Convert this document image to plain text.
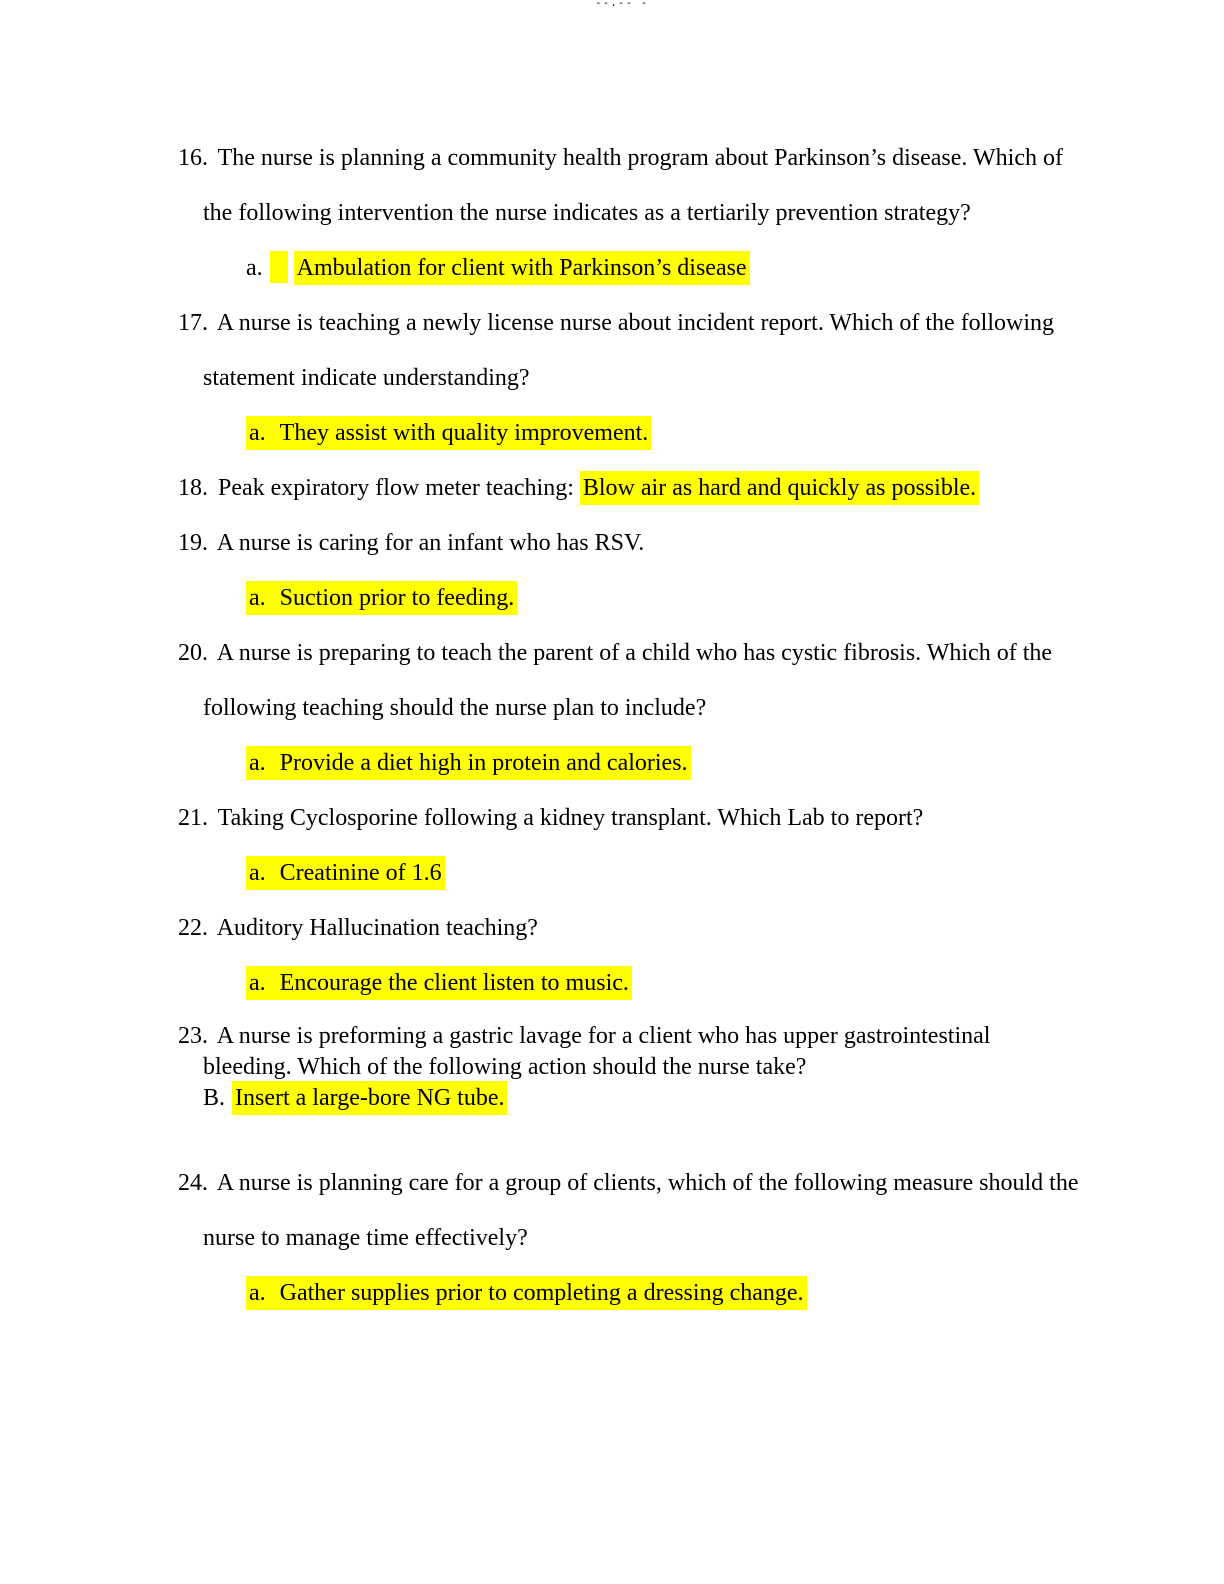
--.-- -
16. The nurse is planning a community health program about Parkinson’s disease. Which of
the following intervention the nurse indicates as a tertiarily prevention strategy?
a. Ambulation for client with Parkinson’s disease
17. A nurse is teaching a newly license nurse about incident report. Which of the following
statement indicate understanding?
a. They assist with quality improvement.
18. Peak expiratory flow meter teaching: Blow air as hard and quickly as possible.
19. A nurse is caring for an infant who has RSV.
a. Suction prior to feeding.
20. A nurse is preparing to teach the parent of a child who has cystic fibrosis. Which of the
following teaching should the nurse plan to include?
a. Provide a diet high in protein and calories.
21. Taking Cyclosporine following a kidney transplant. Which Lab to report?
a. Creatinine of 1.6
22. Auditory Hallucination teaching?
a. Encourage the client listen to music.
23. A nurse is preforming a gastric lavage for a client who has upper gastrointestinal
bleeding. Which of the following action should the nurse take?
B. Insert a large-bore NG tube.
24. A nurse is planning care for a group of clients, which of the following measure should the
nurse to manage time effectively?
a. Gather supplies prior to completing a dressing change.
